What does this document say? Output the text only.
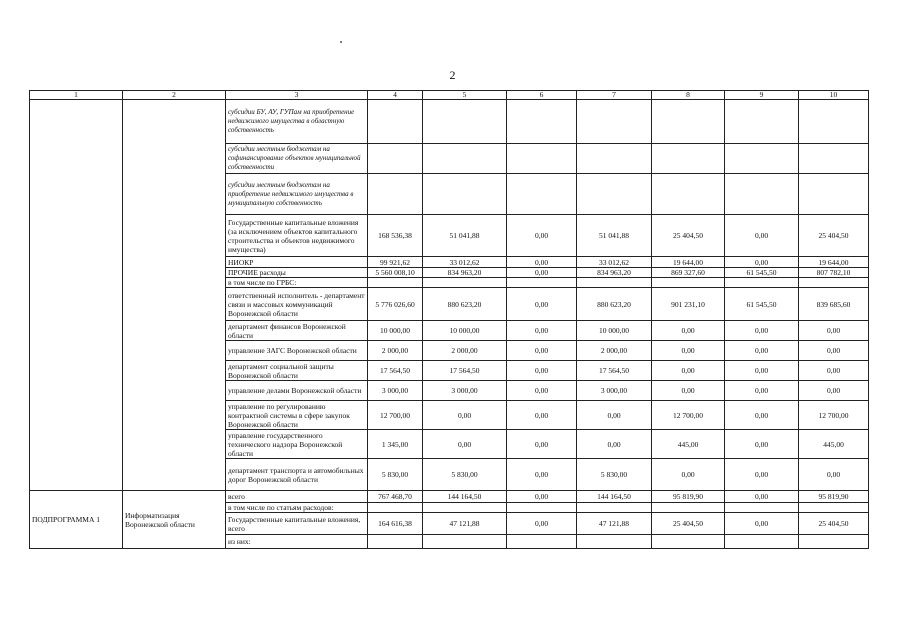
2
1	2	3	4	5	6	7	8	9	10
		субсидии БУ, АУ, ГУПам на приобретение недвижимого имущества в областную собственность							
		субсидии местным бюджетам на софинансирование объектов муниципальной собственности							
		субсидии местным бюджетам на приобретение недвижимого имущества в муниципальную собственность							
		Государственные капитальные вложения (за исключением объектов капитального строительства и объектов недвижимого имущества)	168 536,38	51 041,88	0,00	51 041,88	25 404,50	0,00	25 404,50
		НИОКР	99 921,62	33 012,62	0,00	33 012,62	19 644,00	0,00	19 644,00
		ПРОЧИЕ расходы	5 560 008,10	834 963,20	0,00	834 963,20	869 327,60	61 545,50	807 782,10
		в том числе по ГРБС:							
		ответственный исполнитель - департамент связи и массовых коммуникаций Воронежской области	5 776 026,60	880 623,20	0,00	880 623,20	901 231,10	61 545,50	839 685,60
		департамент финансов Воронежской области	10 000,00	10 000,00	0,00	10 000,00	0,00	0,00	0,00
		управление ЗАГС Воронежской области	2 000,00	2 000,00	0,00	2 000,00	0,00	0,00	0,00
		департамент социальной защиты Воронежской области	17 564,50	17 564,50	0,00	17 564,50	0,00	0,00	0,00
		управление делами Воронежской области	3 000,00	3 000,00	0,00	3 000,00	0,00	0,00	0,00
		управление по регулированию контрактной системы в сфере закупок Воронежской области	12 700,00	0,00	0,00	0,00	12 700,00	0,00	12 700,00
		управление государственного технического надзора Воронежской области	1 345,00	0,00	0,00	0,00	445,00	0,00	445,00
		департамент транспорта и автомобильных дорог Воронежской области	5 830,00	5 830,00	0,00	5 830,00	0,00	0,00	0,00
ПОДПРОГРАММА 1	Информатизация Воронежской области	всего	767 468,70	144 164,50	0,00	144 164,50	95 819,90	0,00	95 819,90
		в том числе по статьям расходов:							
		Государственные капитальные вложения, всего	164 616,38	47 121,88	0,00	47 121,88	25 404,50	0,00	25 404,50
		из них:							
